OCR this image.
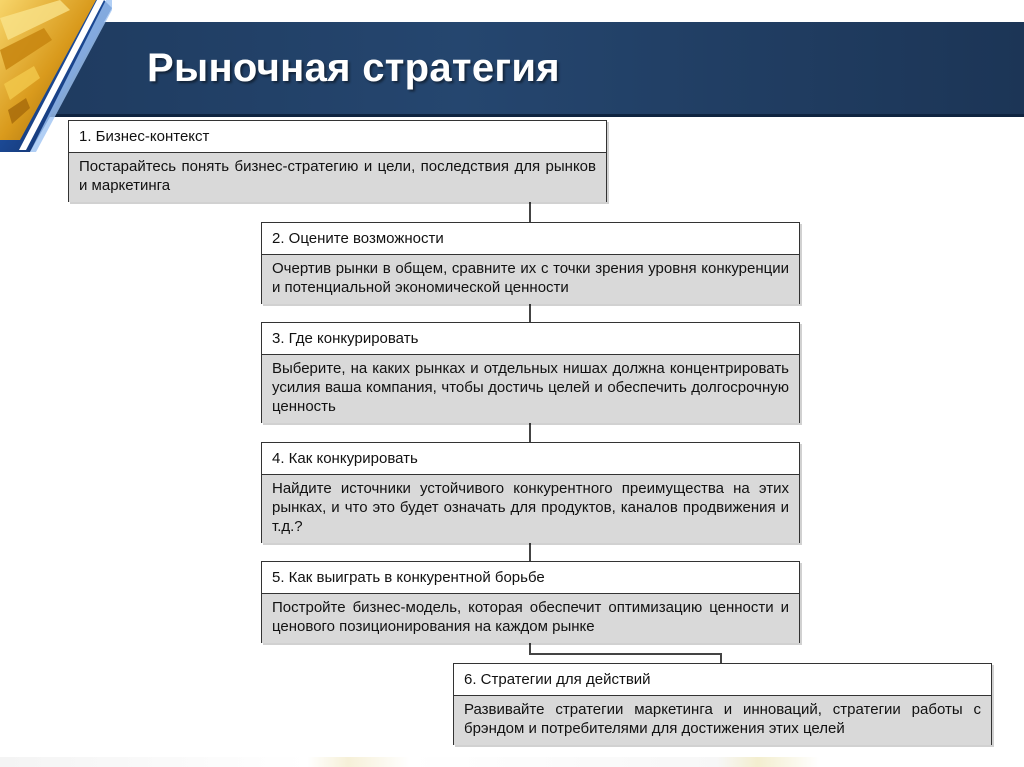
Рыночная стратегия
1. Бизнес-контекст
Постарайтесь понять бизнес-стратегию и цели, последствия для рынков и маркетинга
2. Оцените возможности
Очертив рынки в общем, сравните их с точки зрения уровня конкуренции и потенциальной экономической ценности
3. Где конкурировать
Выберите, на каких рынках и отдельных нишах должна концентрировать усилия ваша компания, чтобы достичь целей и обеспечить долгосрочную ценность
4. Как конкурировать
Найдите источники устойчивого конкурентного преимущества на этих рынках, и что это будет означать для продуктов, каналов продвижения и т.д.?
5. Как выиграть в конкурентной борьбе
Постройте бизнес-модель, которая обеспечит оптимизацию ценности и ценового позиционирования на каждом рынке
6. Стратегии для действий
Развивайте стратегии маркетинга и инноваций, стратегии работы с брэндом и потребителями для достижения этих целей
